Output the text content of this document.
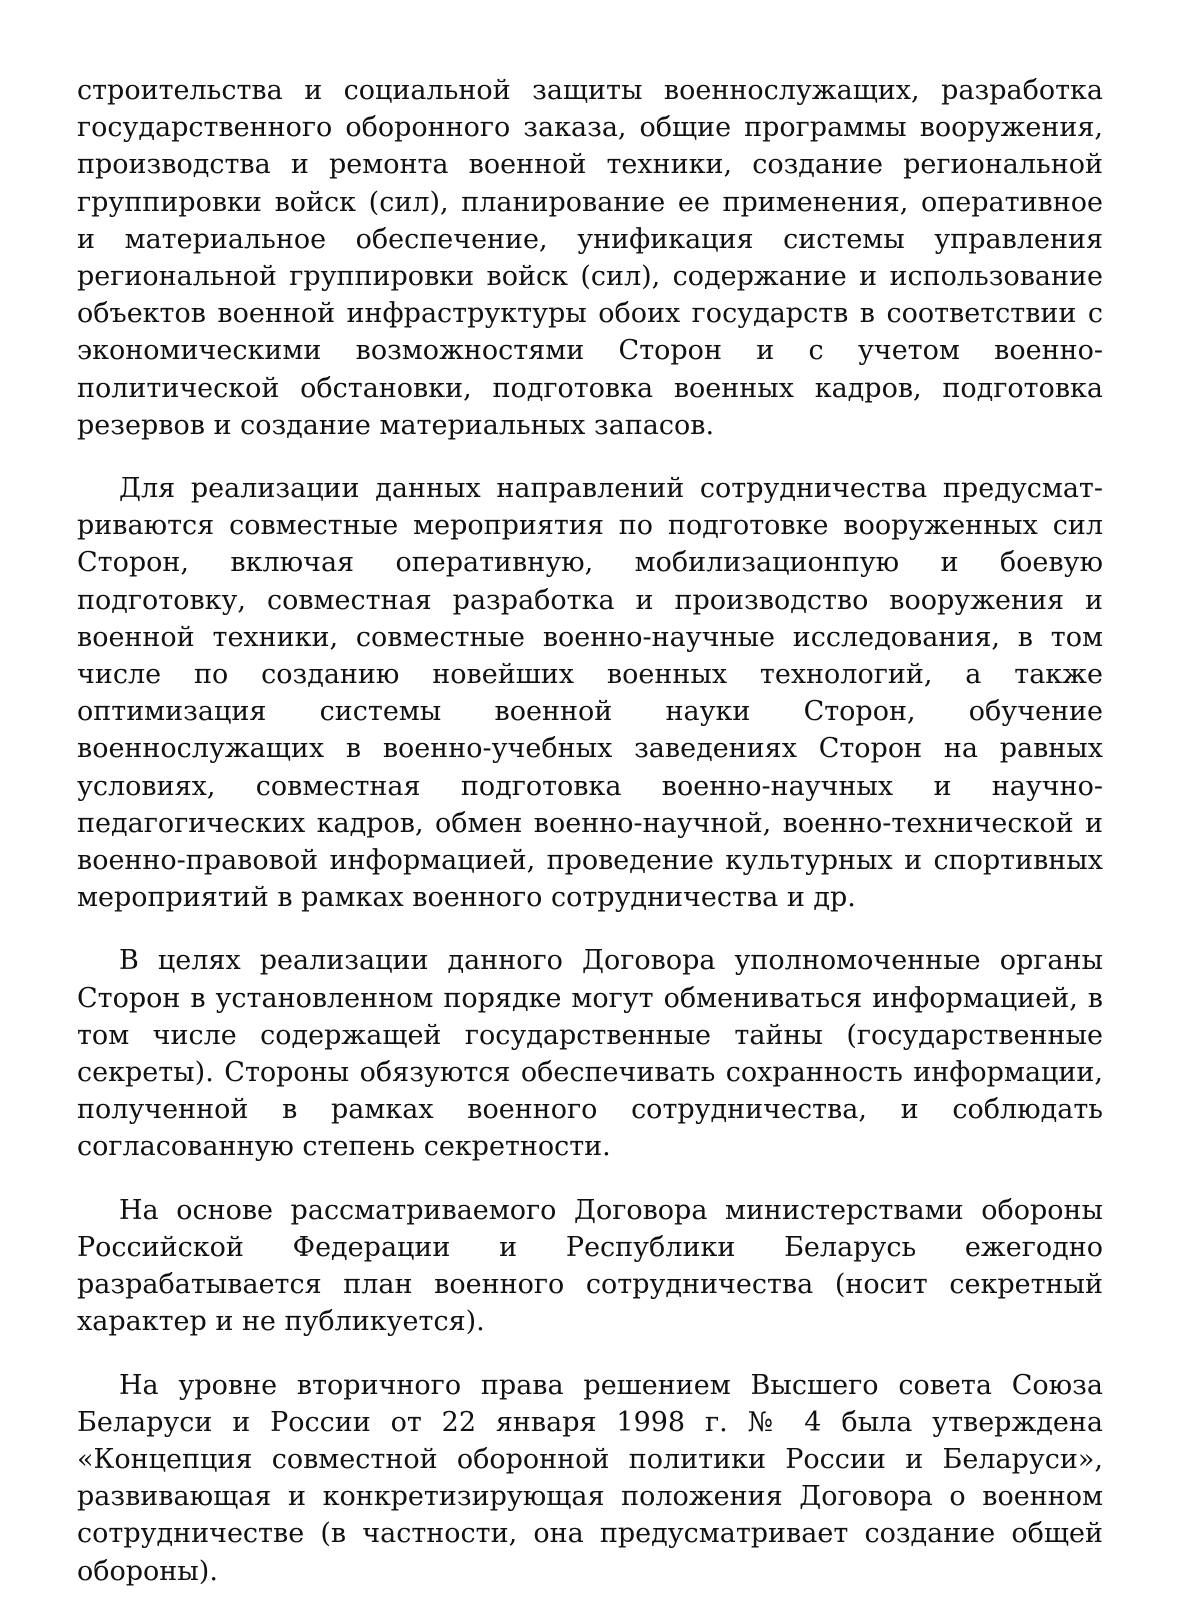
строительства и социальной защиты военнослужащих, разработка государственного оборонного заказа, общие программы вооружения, производства и ремонта военной техники, создание региональной группировки войск (сил), планирование ее применения, оперативное и материальное обеспечение, унификация системы управления региональной группировки войск (сил), содержание и использование объектов военной инфраструктуры обоих государств в соответствии с экономическими возможностями Сторон и с учетом военно-политической обстановки, подготовка военных кадров, подготовка резервов и создание материальных запасов.

Для реализации данных направлений сотрудничества предусматриваются совместные мероприятия по подготовке вооруженных сил Сторон, включая оперативную, мобилизационпую и боевую подготовку, совместная разработка и производство вооружения и военной техники, совместные военно-научные исследования, в том числе по созданию новейших военных технологий, а также оптимизация системы военной науки Сторон, обучение военнослужащих в военно-учебных заведениях Сторон на равных условиях, совместная подготовка военно-научных и научно-педагогических кадров, обмен военно-научной, военно-технической и военно-правовой информацией, проведение культурных и спортивных мероприятий в рамках военного сотрудничества и др.

В целях реализации данного Договора уполномоченные органы Сторон в установленном порядке могут обмениваться информацией, в том числе содержащей государственные тайны (государственные секреты). Стороны обязуются обеспечивать сохранность информации, полученной в рамках военного сотрудничества, и соблюдать согласованную степень секретности.

На основе рассматриваемого Договора министерствами обороны Российской Федерации и Республики Беларусь ежегодно разрабатывается план военного сотрудничества (носит секретный характер и не публикуется).

На уровне вторичного права решением Высшего совета Союза Беларуси и России от 22 января 1998 г. № 4 была утверждена «Концепция совместной оборонной политики России и Беларуси», развивающая и конкретизирующая положения Договора о военном сотрудничестве (в частности, она предусматривает создание общей обороны).
